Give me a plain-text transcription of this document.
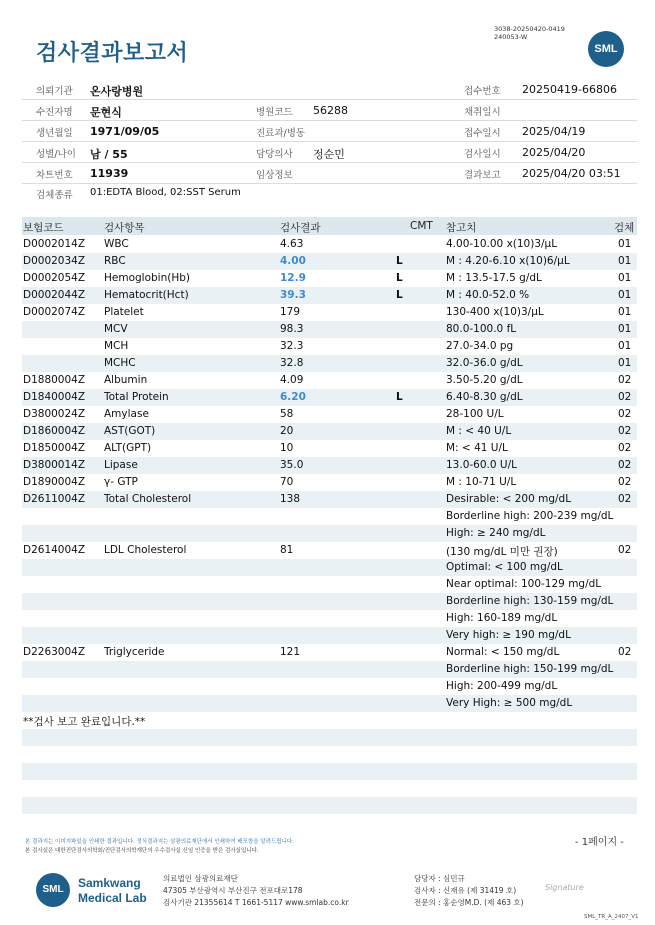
검사결과보고서
3038-20250420-0419
240053-W
SML
의뢰기관 온사랑병원	접수번호 20250419-66806
수진자명 문현식	병원코드 56288	채취일시
생년월일 1971/09/05	진료과/병동	접수일시 2025/04/19
성별/나이 남 / 55	담당의사 정순민	검사일시 2025/04/20
차트번호 11939	임상정보	결과보고 2025/04/20 03:51
검체종류 01:EDTA Blood, 02:SST Serum
보험코드	검사항목	검사결과	CMT 참고치	검체
D0002014Z WBC	4.63	4.00-10.00 x(10)3/μL	01
D0002034Z RBC	4.00	L	M : 4.20-6.10 x(10)6/μL	01
D0002054Z Hemoglobin(Hb)	12.9	L	M : 13.5-17.5 g/dL	01
D0002044Z Hematocrit(Hct)	39.3	L	M : 40.0-52.0 %	01
D0002074Z Platelet	179	130-400 x(10)3/μL	01
MCV	98.3	80.0-100.0 fL	01
MCH	32.3	27.0-34.0 pg	01
MCHC	32.8	32.0-36.0 g/dL	01
D1880004Z Albumin	4.09	3.50-5.20 g/dL	02
D1840004Z Total Protein	6.20	L	6.40-8.30 g/dL	02
D3800024Z Amylase	58	28-100 U/L	02
D1860004Z AST(GOT)	20	M : < 40 U/L	02
D1850004Z ALT(GPT)	10	M: < 41 U/L	02
D3800014Z Lipase	35.0	13.0-60.0 U/L	02
D1890004Z γ- GTP	70	M : 10-71 U/L	02
D2611004Z Total Cholesterol	138	Desirable: < 200 mg/dL	02
Borderline high: 200-239 mg/dL
High: ≥ 240 mg/dL
D2614004Z LDL Cholesterol	81	(130 mg/dL 미만 권장)	02
Optimal: < 100 mg/dL
Near optimal: 100-129 mg/dL
Borderline high: 130-159 mg/dL
High: 160-189 mg/dL
Very high: ≥ 190 mg/dL
D2263004Z Triglyceride	121	Normal: < 150 mg/dL	02
Borderline high: 150-199 mg/dL
High: 200-499 mg/dL
Very High: ≥ 500 mg/dL
**검사 보고 완료입니다.**
본 결과지는 이미지파일을 인쇄한 결과입니다. 정식결과지는 삼광의료재단에서 인쇄하여 배포함을 알려드립니다.
본 검사실은 대한진단검사의학회/진단검사의학재단의 우수검사실 신임 인증을 받은 검사실입니다.
- 1페이지 -
SML	Samkwang
Medical Lab
의료법인 삼광의료재단
47305 부산광역시 부산진구 전포대로178
검사기관 21355614 T 1661-5117 www.smlab.co.kr
담당자 : 심민규
검사자 : 신재유 (제 31419 호)
전문의 : 홍순영M.D. (제 463 호)
Signature
SML_TR_A_2407_V1
